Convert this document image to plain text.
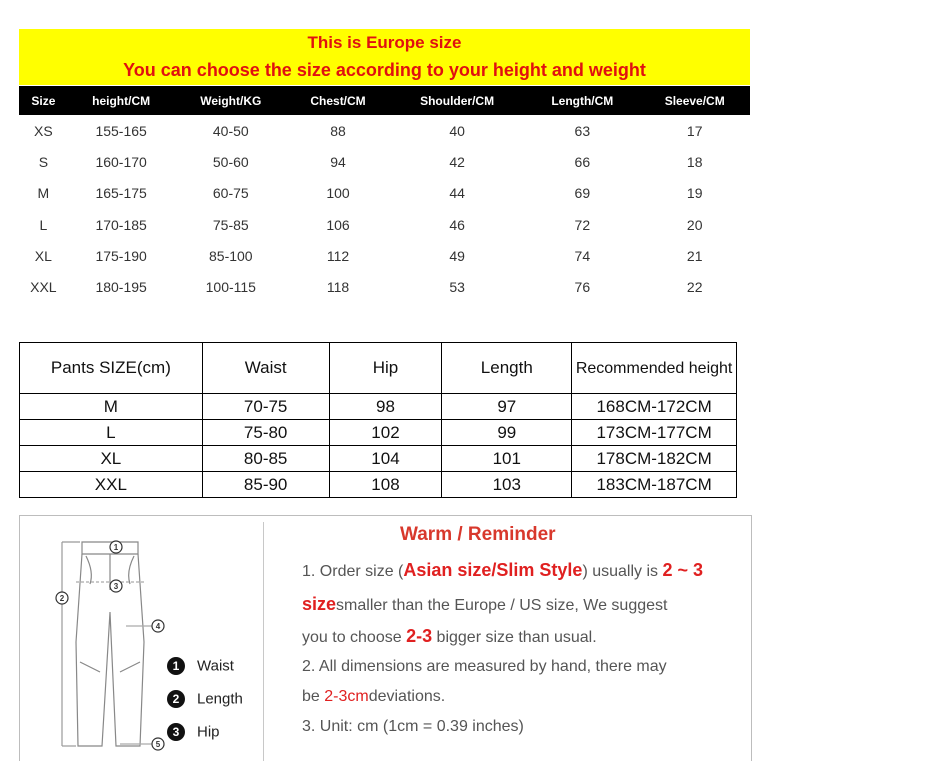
This is Europe size
You can choose the size according to your height and weight
Size	height/CM	Weight/KG	Chest/CM	Shoulder/CM	Length/CM	Sleeve/CM
XS	155-165	40-50	88	40	63	17
S	160-170	50-60	94	42	66	18
M	165-175	60-75	100	44	69	19
L	170-185	75-85	106	46	72	20
XL	175-190	85-100	112	49	74	21
XXL	180-195	100-115	118	53	76	22
Pants SIZE(cm)	Waist	Hip	Length	Recommended height
M	70-75	98	97	168CM-172CM
L	75-80	102	99	173CM-177CM
XL	80-85	104	101	178CM-182CM
XXL	85-90	108	103	183CM-187CM
1
2
3
4
5
1 Waist
2 Length
3 Hip
Warm / Reminder
1. Order size (Asian size/Slim Style) usually is 2 ~ 3
sizesmaller than the Europe / US size, We suggest
you to choose 2-3 bigger size than usual.
2. All dimensions are measured by hand, there may
be 2-3cmdeviations.
3. Unit: cm (1cm = 0.39 inches)
